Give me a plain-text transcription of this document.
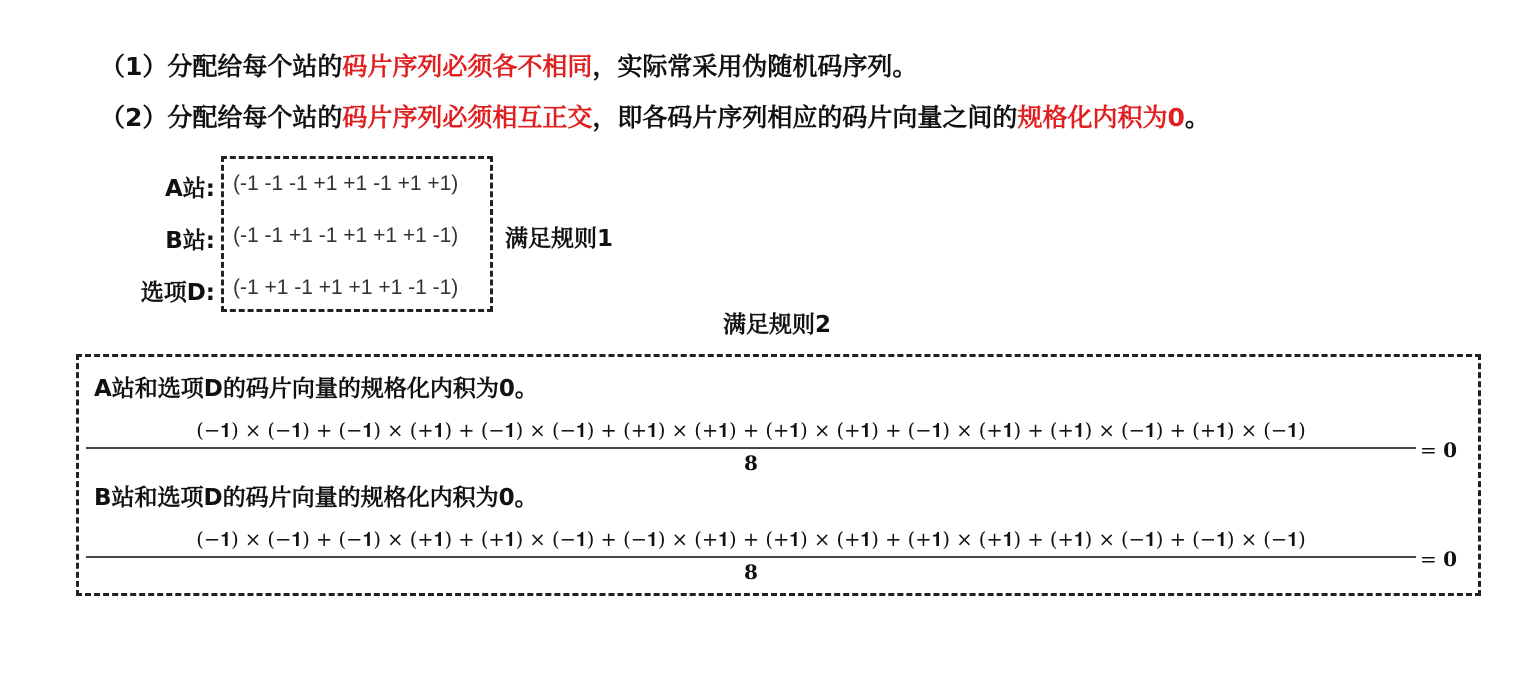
（1）分配给每个站的码片序列必须各不相同，实际常采用伪随机码序列。
（2）分配给每个站的码片序列必须相互正交，即各码片序列相应的码片向量之间的规格化内积为0。
A站: (-1 -1 -1 +1 +1 -1 +1 +1)
B站: (-1 -1 +1 -1 +1 +1 +1 -1)
选项D: (-1 +1 -1 +1 +1 +1 -1 -1)
满足规则1
满足规则2
A站和选项D的码片向量的规格化内积为0。
(−𝟏) × (−𝟏) + (−𝟏) × (+𝟏) + (−𝟏) × (−𝟏) + (+𝟏) × (+𝟏) + (+𝟏) × (+𝟏) + (−𝟏) × (+𝟏) + (+𝟏) × (−𝟏) + (+𝟏) × (−𝟏)
8
= 0
B站和选项D的码片向量的规格化内积为0。
(−𝟏) × (−𝟏) + (−𝟏) × (+𝟏) + (+𝟏) × (−𝟏) + (−𝟏) × (+𝟏) + (+𝟏) × (+𝟏) + (+𝟏) × (+𝟏) + (+𝟏) × (−𝟏) + (−𝟏) × (−𝟏)
8
= 0
